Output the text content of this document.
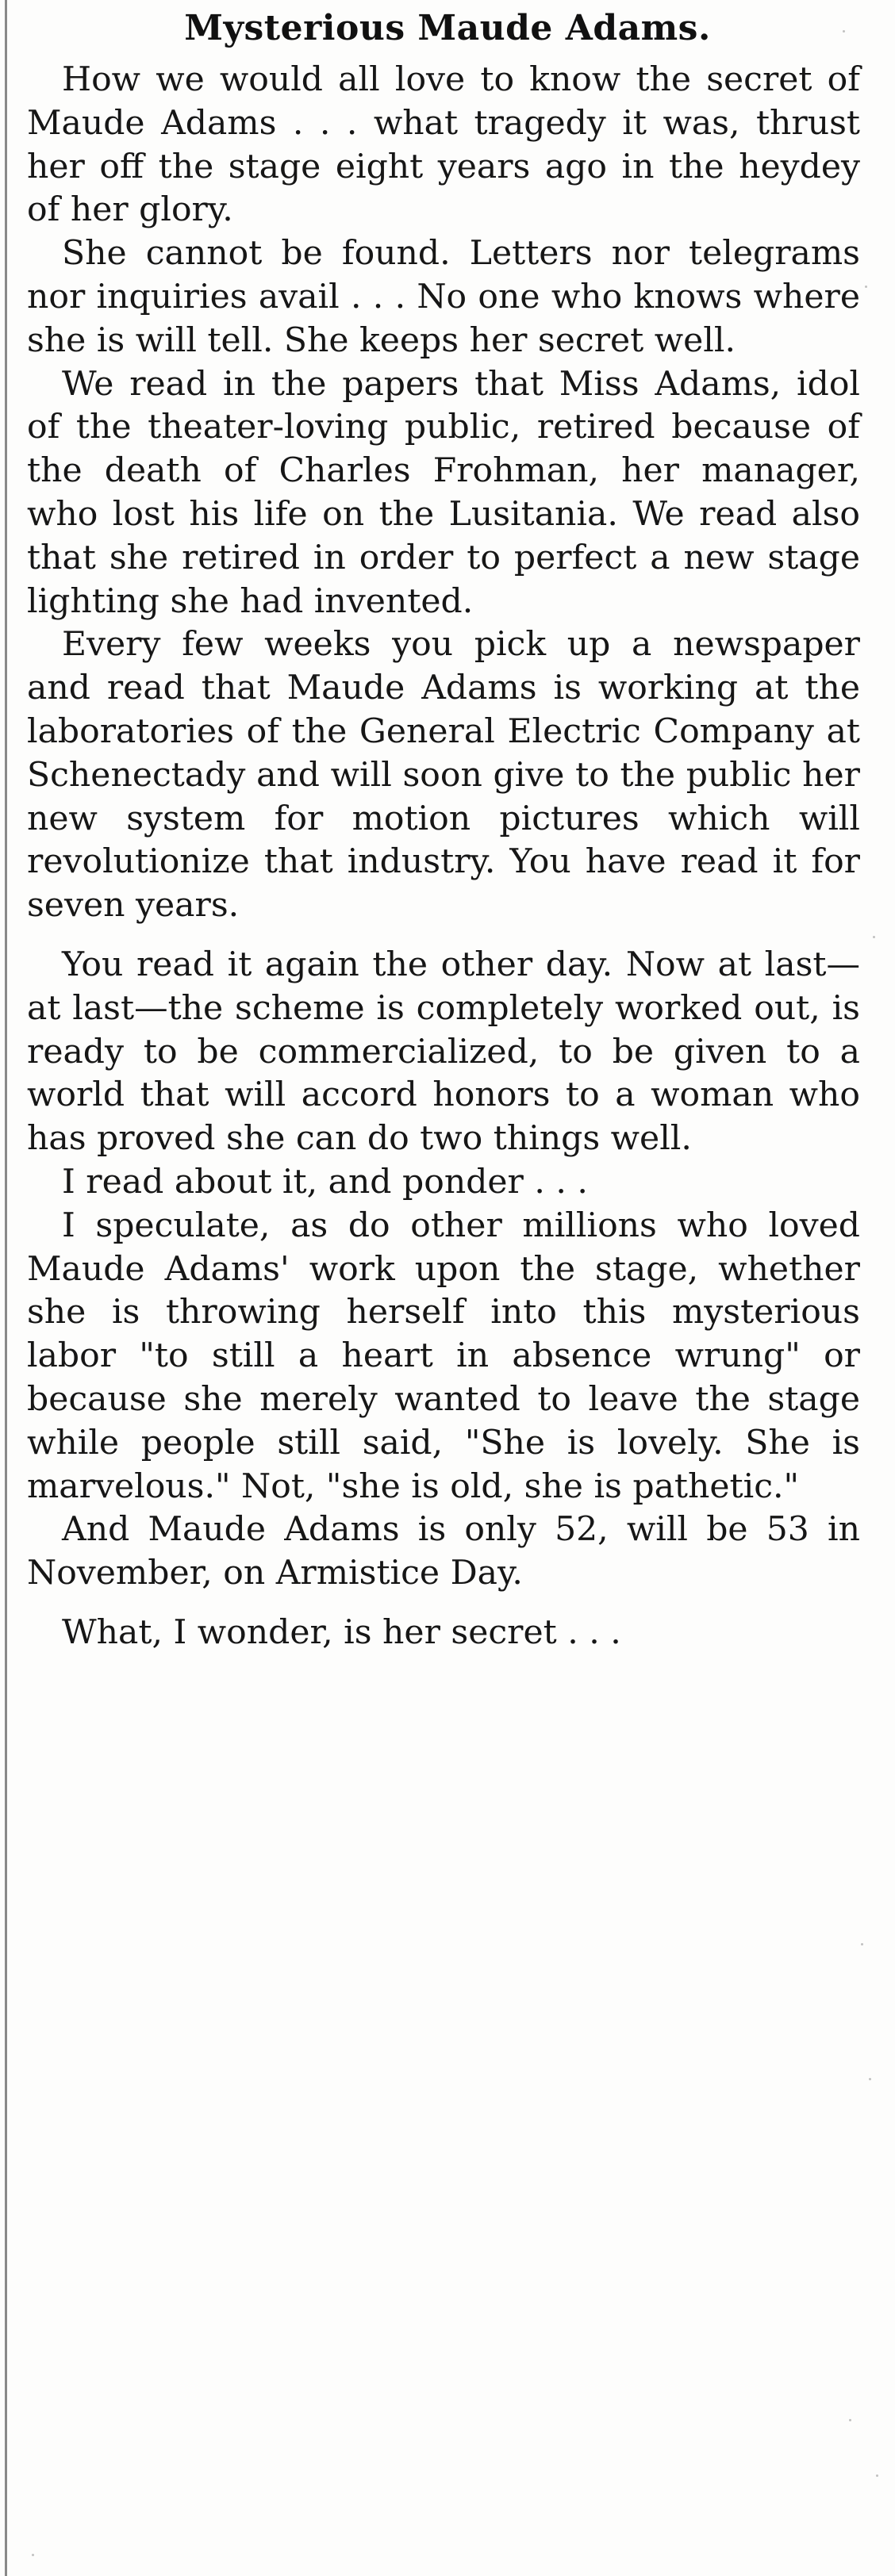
Mysterious Maude Adams.

How we would all love to know the secret of Maude Adams . . . what tragedy it was, thrust her off the stage eight years ago in the heydey of her glory.

She cannot be found. Letters nor telegrams nor inquiries avail . . . No one who knows where she is will tell. She keeps her secret well.

We read in the papers that Miss Adams, idol of the theater-loving public, retired because of the death of Charles Frohman, her manager, who lost his life on the Lusitania. We read also that she retired in order to perfect a new stage lighting she had invented.

Every few weeks you pick up a newspaper and read that Maude Adams is working at the laboratories of the General Electric Company at Schenectady and will soon give to the public her new system for motion pictures which will revolutionize that industry. You have read it for seven years.

You read it again the other day. Now at last—at last—the scheme is completely worked out, is ready to be commercialized, to be given to a world that will accord honors to a woman who has proved she can do two things well.

I read about it, and ponder . . .

I speculate, as do other millions who loved Maude Adams' work upon the stage, whether she is throwing herself into this mysterious labor "to still a heart in absence wrung" or because she merely wanted to leave the stage while people still said, "She is lovely. She is marvelous." Not, "she is old, she is pathetic."

And Maude Adams is only 52, will be 53 in November, on Armistice Day.

What, I wonder, is her secret . . .
